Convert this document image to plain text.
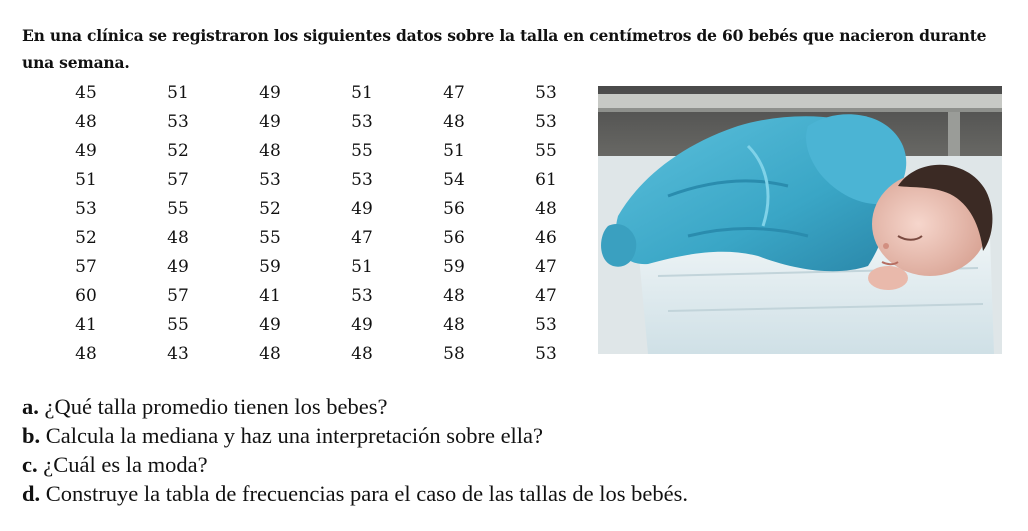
En una clínica se registraron los siguientes datos sobre la talla en centímetros de 60 bebés que nacieron durante una semana.
45	51	49	51	47	53
48	53	49	53	48	53
49	52	48	55	51	55
51	57	53	53	54	61
53	55	52	49	56	48
52	48	55	47	56	46
57	49	59	51	59	47
60	57	41	53	48	47
41	55	49	49	48	53
48	43	48	48	58	53
a. ¿Qué talla promedio tienen los bebes?
b. Calcula la mediana y haz una interpretación sobre ella?
c. ¿Cuál es la moda?
d. Construye la tabla de frecuencias para el caso de las tallas de los bebés.
